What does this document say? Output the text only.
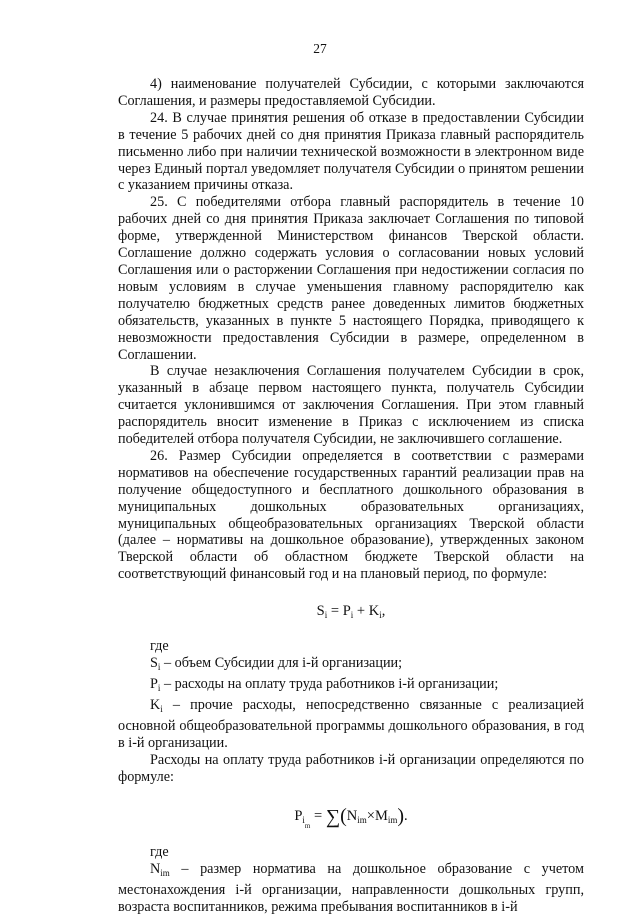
27

4) наименование получателей Субсидии, с которыми заключаются Соглашения, и размеры предоставляемой Субсидии.

24. В случае принятия решения об отказе в предоставлении Субсидии в течение 5 рабочих дней со дня принятия Приказа главный распорядитель письменно либо при наличии технической возможности в электронном виде через Единый портал уведомляет получателя Субсидии о принятом решении с указанием причины отказа.

25. С победителями отбора главный распорядитель в течение 10 рабочих дней со дня принятия Приказа заключает Соглашения по типовой форме, утвержденной Министерством финансов Тверской области. Соглашение должно содержать условия о согласовании новых условий Соглашения или о расторжении Соглашения при недостижении согласия по новым условиям в случае уменьшения главному распорядителю как получателю бюджетных средств ранее доведенных лимитов бюджетных обязательств, указанных в пункте 5 настоящего Порядка, приводящего к невозможности предоставления Субсидии в размере, определенном в Соглашении.

В случае незаключения Соглашения получателем Субсидии в срок, указанный в абзаце первом настоящего пункта, получатель Субсидии считается уклонившимся от заключения Соглашения. При этом главный распорядитель вносит изменение в Приказ с исключением из списка победителей отбора получателя Субсидии, не заключившего соглашение.

26. Размер Субсидии определяется в соответствии с размерами нормативов на обеспечение государственных гарантий реализации прав на получение общедоступного и бесплатного дошкольного образования в муниципальных дошкольных образовательных организациях, муниципальных общеобразовательных организациях Тверской области (далее – нормативы на дошкольное образование), утвержденных законом Тверской области об областном бюджете Тверской области на соответствующий финансовый год и на плановый период, по формуле:

$S_i = P_i + K_i$,

где

$S_i$ – объем Субсидии для i-й организации;

$P_i$ – расходы на оплату труда работников i-й организации;

$K_i$ – прочие расходы, непосредственно связанные с реализацией основной общеобразовательной программы дошкольного образования, в год в i-й организации.

Расходы на оплату труда работников i-й организации определяются по формуле:

$P_{i_m} = \sum(N_{im}\times M_{im})$.

где

$N_{im}$ – размер норматива на дошкольное образование с учетом местонахождения i-й организации, направленности дошкольных групп, возраста воспитанников, режима пребывания воспитанников в i-й
